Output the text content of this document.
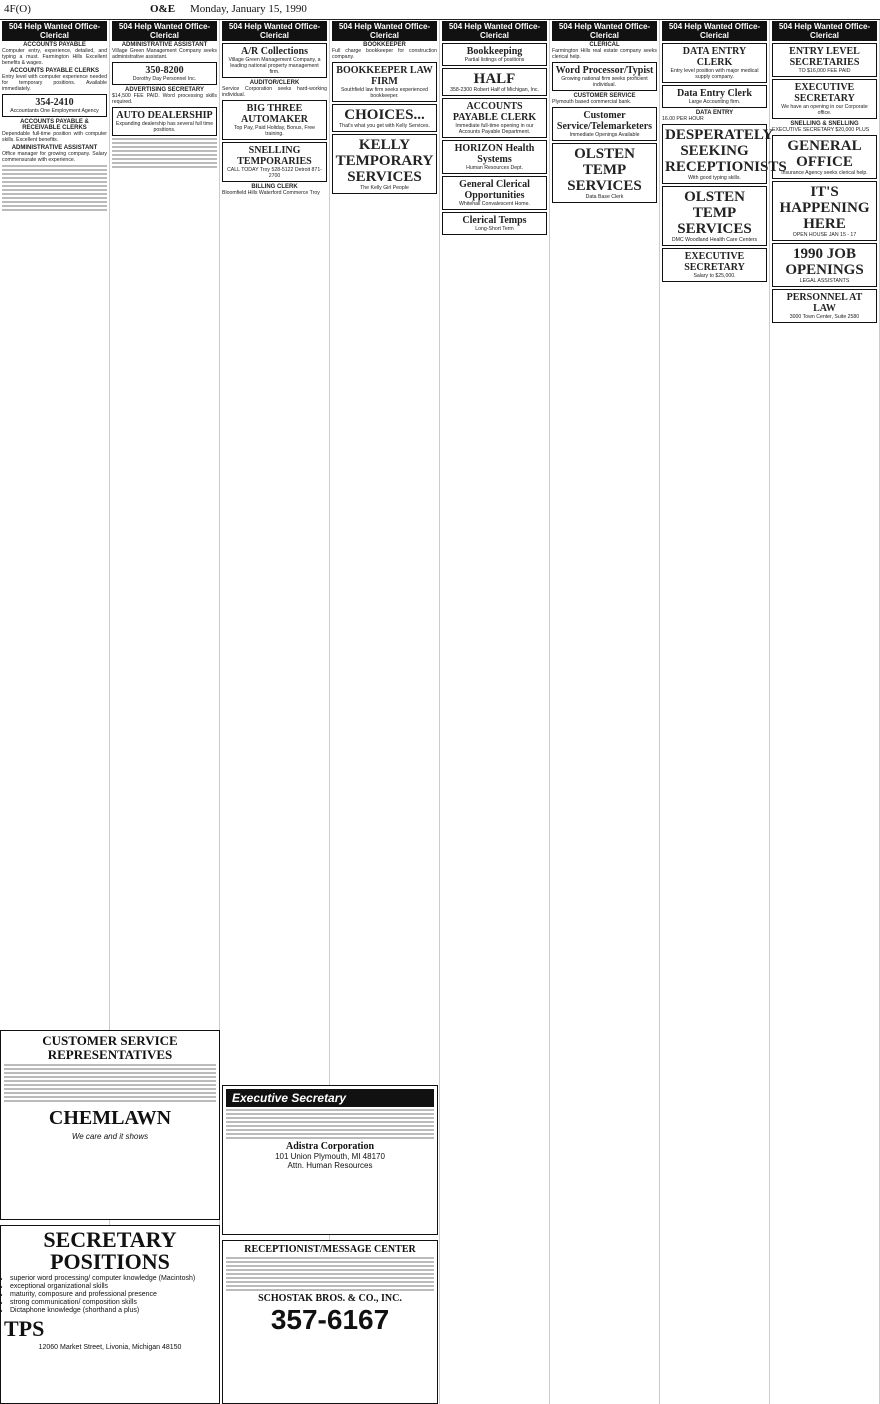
4F(O)	O&E Monday, January 15, 1990
504 Help Wanted Office-Clerical
ACCOUNTS PAYABLE
Computer entry, experience, detailed, and typing a must. Farmington Hills Excellent benefits & wages.
ACCOUNTS PAYABLE CLERKS
Entry level with computer experience needed for temporary positions. Available immediately.
354-2410
Accountants One Employment Agency
ACCOUNTS PAYABLE & RECEIVABLE CLERKS
Dependable full-time position with computer skills. Excellent benefits.
ADMINISTRATIVE ASSISTANT
Office manager for growing company. Salary commensurate with experience.
504 Help Wanted Office-Clerical
ADMINISTRATIVE ASSISTANT
Village Green Management Company seeks administrative assistant.
350-8200
Dorothy Day Personnel Inc.
ADVERTISING SECRETARY
$14,500 FEE PAID. Word processing skills required.
AUTO DEALERSHIP
Expanding dealership has several full time positions.
504 Help Wanted Office-Clerical
A/R Collections
Village Green Management Company, a leading national property management firm.
AUDITOR/CLERK
Service Corporation seeks hard-working individual.
BIG THREE AUTOMAKER
Top Pay, Paid Holiday, Bonus, Free training.
SNELLING TEMPORARIES
CALL TODAY Troy 528-5122 Detroit 871-2700
BILLING CLERK
Bloomfield Hills Waterford Commerce Troy
504 Help Wanted Office-Clerical
BOOKKEEPER
Full charge bookkeeper for construction company.
BOOKKEEPER LAW FIRM
Southfield law firm seeks experienced bookkeeper.
CHOICES...
That's what you get with Kelly Services.
KELLY TEMPORARY SERVICES
The Kelly Girl People
504 Help Wanted Office-Clerical
Bookkeeping
Partial listings of positions
HALF
358-2300 Robert Half of Michigan, Inc.
ACCOUNTS PAYABLE CLERK
Immediate full-time opening in our Accounts Payable Department.
HORIZON Health Systems
Human Resources Dept.
General Clerical Opportunities
Whitehall Convalescent Home.
Clerical Temps
Long-Short Term
504 Help Wanted Office-Clerical
CLERICAL
Farmington Hills real estate company seeks clerical help.
Word Processor/Typist
Growing national firm seeks proficient individual.
CUSTOMER SERVICE
Plymouth based commercial bank.
Customer Service/Telemarketers
Immediate Openings Available
OLSTEN TEMP SERVICES
Data Base Clerk
504 Help Wanted Office-Clerical
DATA ENTRY CLERK
Entry level position with major medical supply company.
Data Entry Clerk
Large Accounting firm.
DATA ENTRY
16.00 PER HOUR
DESPERATELY SEEKING RECEPTIONISTS
With good typing skills.
OLSTEN TEMP SERVICES
DMC Woodland Health Care Centers
EXECUTIVE SECRETARY
Salary to $25,000.
504 Help Wanted Office-Clerical
ENTRY LEVEL SECRETARIES
TO $16,000 FEE PAID
EXECUTIVE SECRETARY
We have an opening in our Corporate office.
SNELLING & SNELLING
EXECUTIVE SECRETARY $20,000 PLUS
GENERAL OFFICE
Insurance Agency seeks clerical help.
IT'S HAPPENING HERE
OPEN HOUSE JAN 15 - 17
1990 JOB OPENINGS
LEGAL ASSISTANTS
PERSONNEL AT LAW
3000 Town Center, Suite 2580
CUSTOMER SERVICE REPRESENTATIVES
CHEMLAWN
We care and it shows
SECRETARY POSITIONS
• superior word processing/ computer knowledge (Macintosh)
• exceptional organizational skills
• maturity, composure and professional presence
• strong communication/ composition skills
• Dictaphone knowledge (shorthand a plus)
TPS
12060 Market Street, Livonia, Michigan 48150
Executive Secretary
Adistra Corporation
101 Union Plymouth, MI 48170
Attn. Human Resources
RECEPTIONIST/MESSAGE CENTER
SCHOSTAK BROS. & CO., INC.
357-6167
